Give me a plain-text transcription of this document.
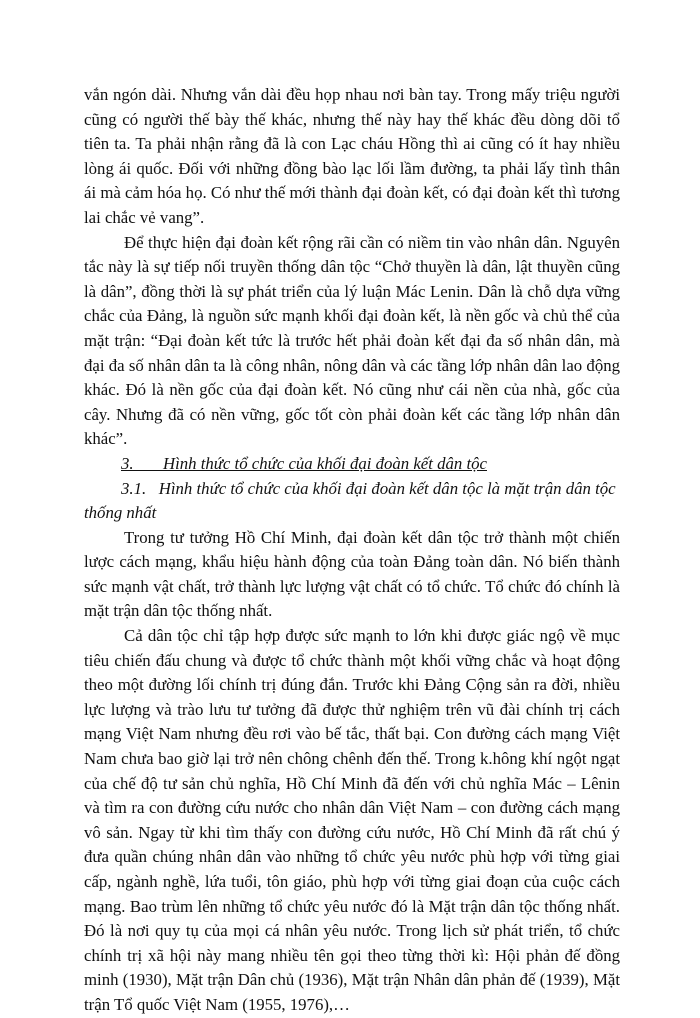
vắn ngón dài. Nhưng vắn dài đều họp nhau nơi bàn tay. Trong mấy triệu người cũng có người thế bày thế khác, nhưng thế này hay thế khác đều dòng dõi tổ tiên ta. Ta phải nhận rằng đã là con Lạc cháu Hồng thì ai cũng có ít hay nhiều lòng ái quốc. Đối với những đồng bào lạc lối lầm đường, ta phải lấy tình thân ái mà cảm hóa họ. Có như thế mới thành đại đoàn kết, có đại đoàn kết thì tương lai chắc vẻ vang”.

Để thực hiện đại đoàn kết rộng rãi cần có niềm tin vào nhân dân. Nguyên tắc này là sự tiếp nối truyền thống dân tộc “Chở thuyền là dân, lật thuyền cũng là dân”, đồng thời là sự phát triển của lý luận Mác Lenin. Dân là chỗ dựa vững chắc của Đảng, là nguồn sức mạnh khối đại đoàn kết, là nền gốc và chủ thể của mặt trận: “Đại đoàn kết tức là trước hết phải đoàn kết đại đa số nhân dân, mà đại đa số nhân dân ta là công nhân, nông dân và các tầng lớp nhân dân lao động khác. Đó là nền gốc của đại đoàn kết. Nó cũng như cái nền của nhà, gốc của cây. Nhưng đã có nền vững, gốc tốt còn phải đoàn kết các tầng lớp nhân dân khác”.

3.       Hình thức tổ chức của khối đại đoàn kết dân tộc

3.1.   Hình thức tổ chức của khối đại đoàn kết dân tộc là mặt trận dân tộc thống nhất

Trong tư tưởng Hồ Chí Minh, đại đoàn kết dân tộc trở thành một chiến lược cách mạng, khẩu hiệu hành động của toàn Đảng toàn dân. Nó biến thành sức mạnh vật chất, trở thành lực lượng vật chất có tổ chức. Tổ chức đó chính là mặt trận dân tộc thống nhất.

Cả dân tộc chỉ tập hợp được sức mạnh to lớn khi được giác ngộ về mục tiêu chiến đấu chung và được tổ chức thành một khối vững chắc và hoạt động theo một đường lối chính trị đúng đắn. Trước khi Đảng Cộng sản ra đời, nhiều lực lượng và trào lưu tư tưởng đã được thử nghiệm trên vũ đài chính trị cách mạng Việt Nam nhưng đều rơi vào bế tắc, thất bại. Con đường cách mạng Việt Nam chưa bao giờ lại trở nên chông chênh đến thế. Trong k.hông khí ngột ngạt của chế độ tư sản chủ nghĩa, Hồ Chí Minh đã đến với chủ nghĩa Mác – Lênin và tìm ra con đường cứu nước cho nhân dân Việt Nam – con đường cách mạng vô sản. Ngay từ khi tìm thấy con đường cứu nước, Hồ Chí Minh đã rất chú ý đưa quần chúng nhân dân vào những tổ chức yêu nước phù hợp với từng giai cấp, ngành nghề, lứa tuổi, tôn giáo, phù hợp với từng giai đoạn của cuộc cách mạng. Bao trùm lên những tổ chức yêu nước đó là Mặt trận dân tộc thống nhất. Đó là nơi quy tụ của mọi cá nhân yêu nước. Trong lịch sử phát triển, tổ chức chính trị xã hội này mang nhiều tên gọi theo từng thời kì: Hội phản đế đồng minh (1930), Mặt trận Dân chủ (1936), Mặt trận Nhân dân phản đế (1939), Mặt trận Tổ quốc Việt Nam (1955, 1976),…
